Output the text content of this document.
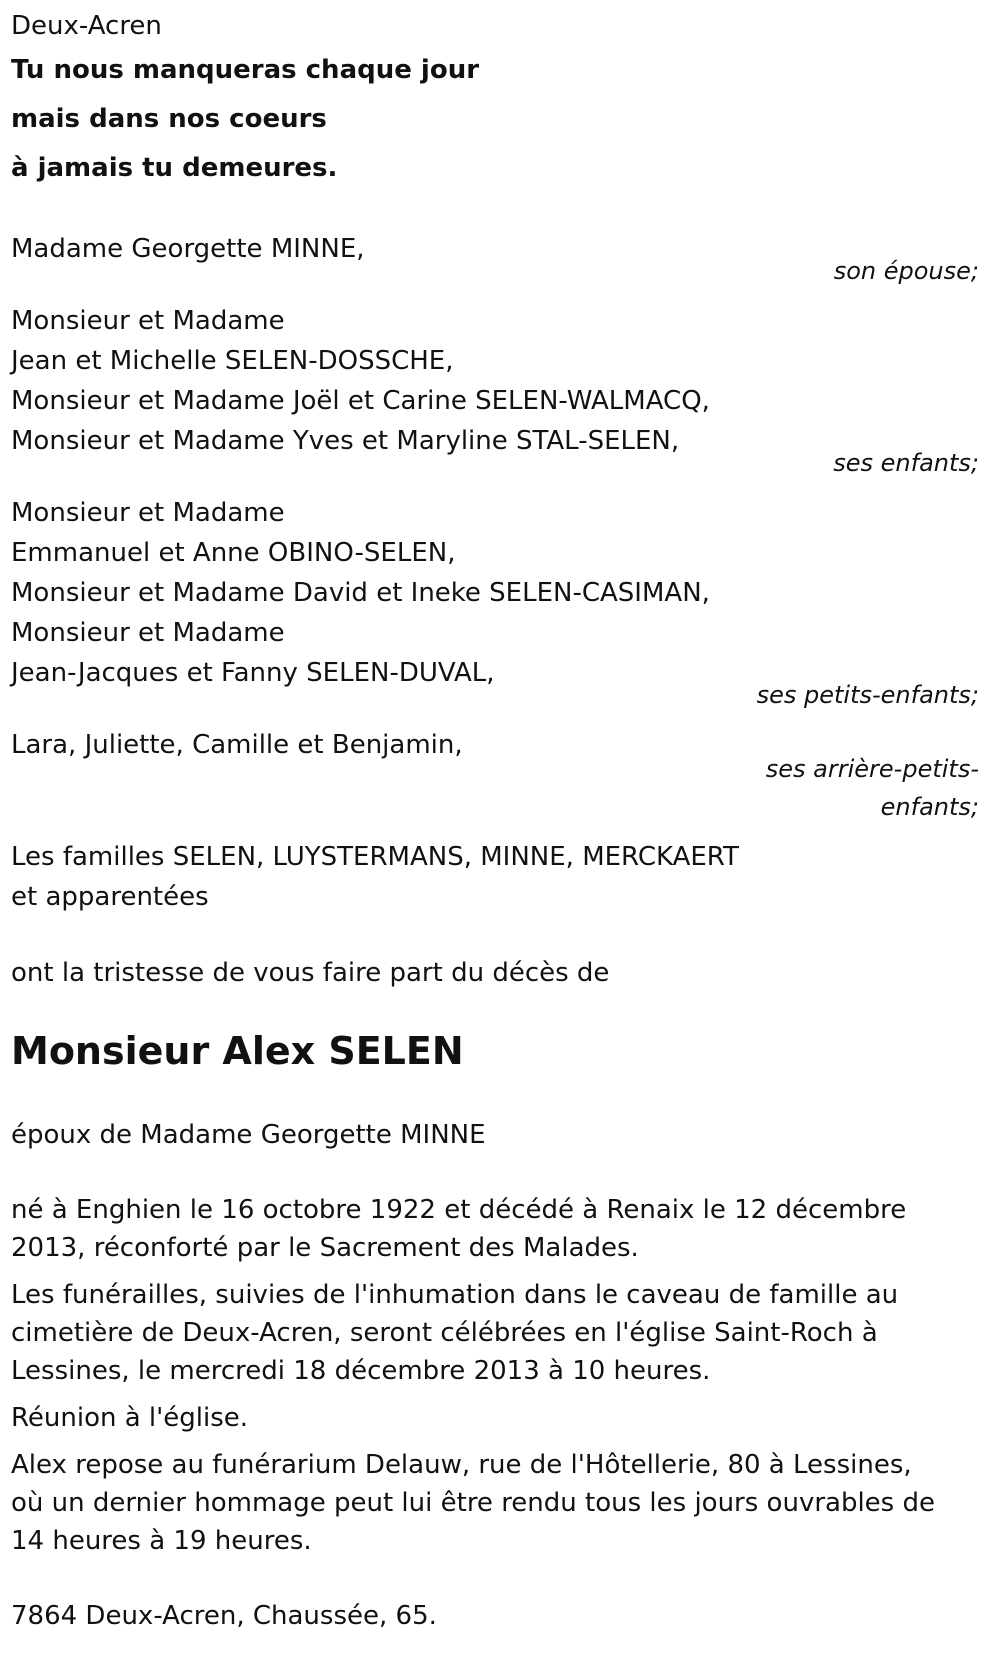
Deux-Acren
Tu nous manqueras chaque jour
mais dans nos coeurs
à jamais tu demeures.
Madame Georgette MINNE,
son épouse;
Monsieur et Madame
Jean et Michelle SELEN-DOSSCHE,
Monsieur et Madame Joël et Carine SELEN-WALMACQ,
Monsieur et Madame Yves et Maryline STAL-SELEN,
ses enfants;
Monsieur et Madame
Emmanuel et Anne OBINO-SELEN,
Monsieur et Madame David et Ineke SELEN-CASIMAN,
Monsieur et Madame
Jean-Jacques et Fanny SELEN-DUVAL,
ses petits-enfants;
Lara, Juliette, Camille et Benjamin,
ses arrière-petits-
enfants;
Les familles SELEN, LUYSTERMANS, MINNE, MERCKAERT
et apparentées
ont la tristesse de vous faire part du décès de
Monsieur Alex SELEN
époux de Madame Georgette MINNE
né à Enghien le 16 octobre 1922 et décédé à Renaix le 12 décembre 2013, réconforté par le Sacrement des Malades.
Les funérailles, suivies de l'inhumation dans le caveau de famille au cimetière de Deux-Acren, seront célébrées en l'église Saint-Roch à Lessines, le mercredi 18 décembre 2013 à 10 heures.
Réunion à l'église.
Alex repose au funérarium Delauw, rue de l'Hôtellerie, 80 à Lessines, où un dernier hommage peut lui être rendu tous les jours ouvrables de 14 heures à 19 heures.
7864 Deux-Acren, Chaussée, 65.
